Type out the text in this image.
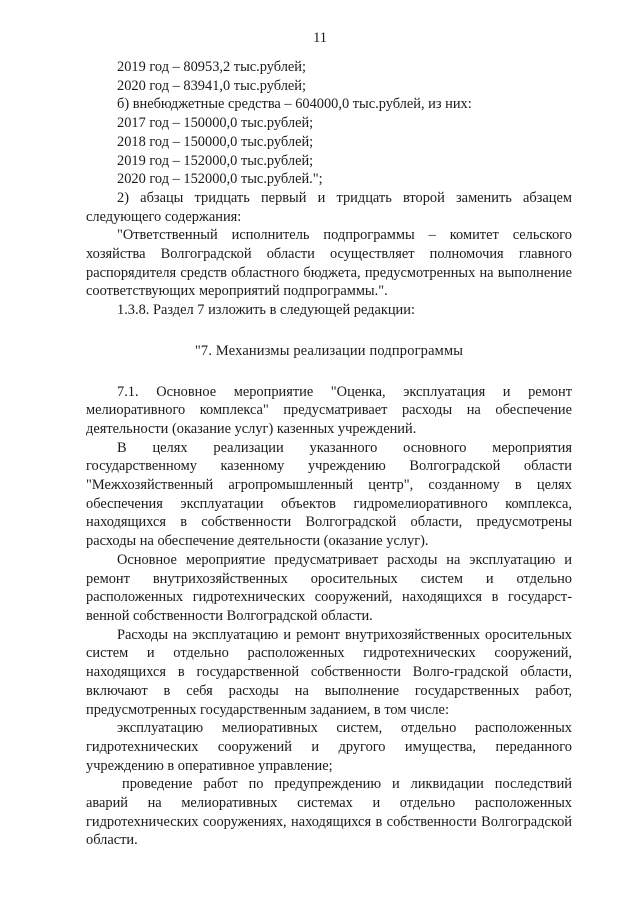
11

2019 год – 80953,2 тыс.рублей;

2020 год – 83941,0 тыс.рублей;

б) внебюджетные средства – 604000,0 тыс.рублей, из них:

2017 год – 150000,0 тыс.рублей;

2018 год – 150000,0 тыс.рублей;

2019 год – 152000,0 тыс.рублей;

2020 год – 152000,0 тыс.рублей.";

2) абзацы тридцать первый и тридцать второй заменить абзацем следующего содержания:

"Ответственный исполнитель подпрограммы – комитет сельского хозяйства Волгоградской области осуществляет полномочия главного распорядителя средств областного бюджета, предусмотренных на выполнение соответствующих мероприятий подпрограммы.".

1.3.8. Раздел 7 изложить в следующей редакции:

"7. Механизмы реализации подпрограммы

7.1. Основное мероприятие "Оценка, эксплуатация и ремонт мелиоративного комплекса" предусматривает расходы на обеспечение деятельности (оказание услуг) казенных учреждений.

В целях реализации указанного основного мероприятия государственному казенному учреждению Волгоградской области "Межхозяйственный агропромышленный центр", созданному в целях обеспечения эксплуатации объектов гидромелиоративного комплекса, находящихся в собственности Волгоградской области, предусмотрены расходы на обеспечение деятельности (оказание услуг).

Основное мероприятие предусматривает расходы на эксплуатацию и ремонт внутрихозяйственных оросительных систем и отдельно расположенных гидротехнических сооружений, находящихся в государст-венной собственности Волгоградской области.

Расходы на эксплуатацию и ремонт внутрихозяйственных оросительных систем и отдельно расположенных гидротехнических сооружений, находящихся в государственной собственности Волго-градской области, включают в себя расходы на выполнение государственных работ, предусмотренных государственным заданием, в том числе:

эксплуатацию мелиоративных систем, отдельно расположенных гидротехнических сооружений и другого имущества, переданного учреждению в оперативное управление;

проведение работ по предупреждению и ликвидации последствий аварий на мелиоративных системах и отдельно расположенных гидротехнических сооружениях, находящихся в собственности Волгоградской области.
